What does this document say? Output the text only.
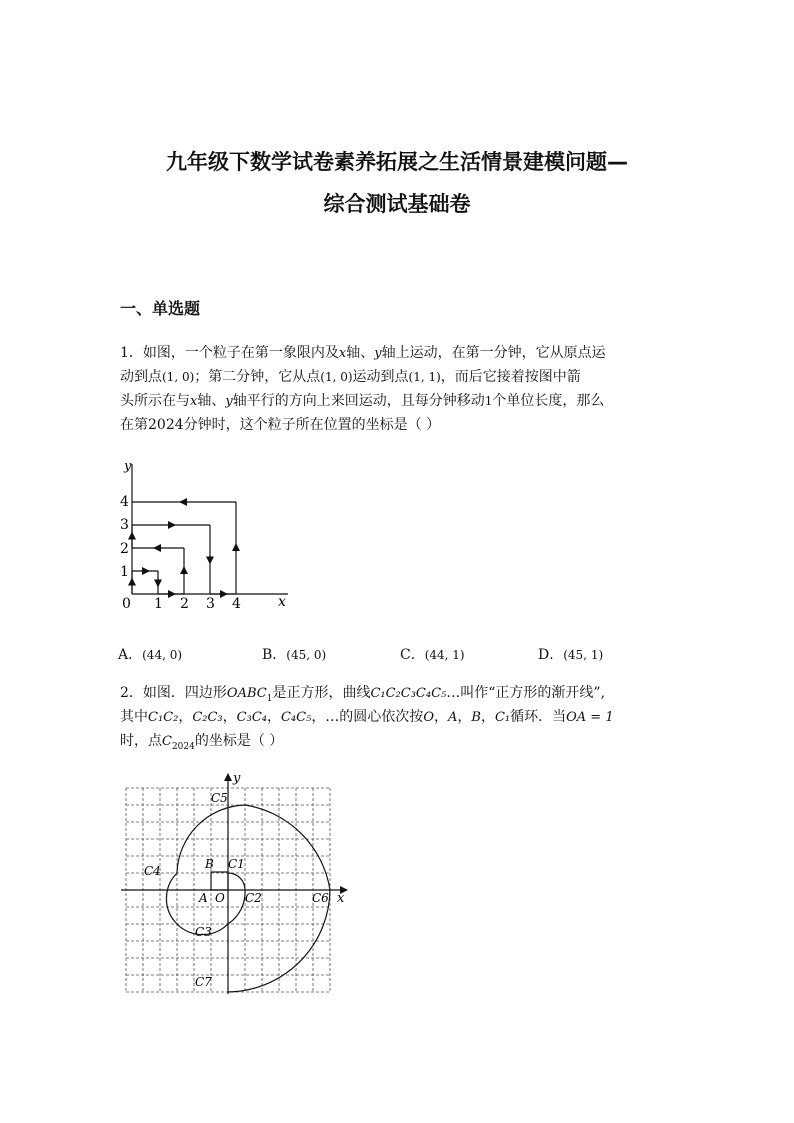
九年级下数学试卷素养拓展之生活情景建模问题—
综合测试基础卷
一、单选题
1．如图，一个粒子在第一象限内及x轴、y轴上运动，在第一分钟，它从原点运
动到点(1, 0)；第二分钟，它从点(1, 0)运动到点(1, 1)，而后它接着按图中箭
头所示在与x轴、y轴平行的方向上来回运动，且每分钟移动1个单位长度，那么
在第2024分钟时，这个粒子所在位置的坐标是（ ）
y
x
0 1 2 3 4
1
2
3
4
A．(44, 0)	B．(45, 0)	C．(44, 1)	D．(45, 1)
2．如图．四边形$OABC_1$是正方形，曲线C₁C₂C₃C₄C₅…叫作“正方形的渐开线”,
其中C₁C₂，C₂C₃，C₃C₄，C₄C₅，…的圆心依次按O，A，B，C₁循环．当OA = 1
时，点$C_{2024}$的坐标是（ ）
x
y
C5
B C1
C4
A O C2	C6
C3
C7
